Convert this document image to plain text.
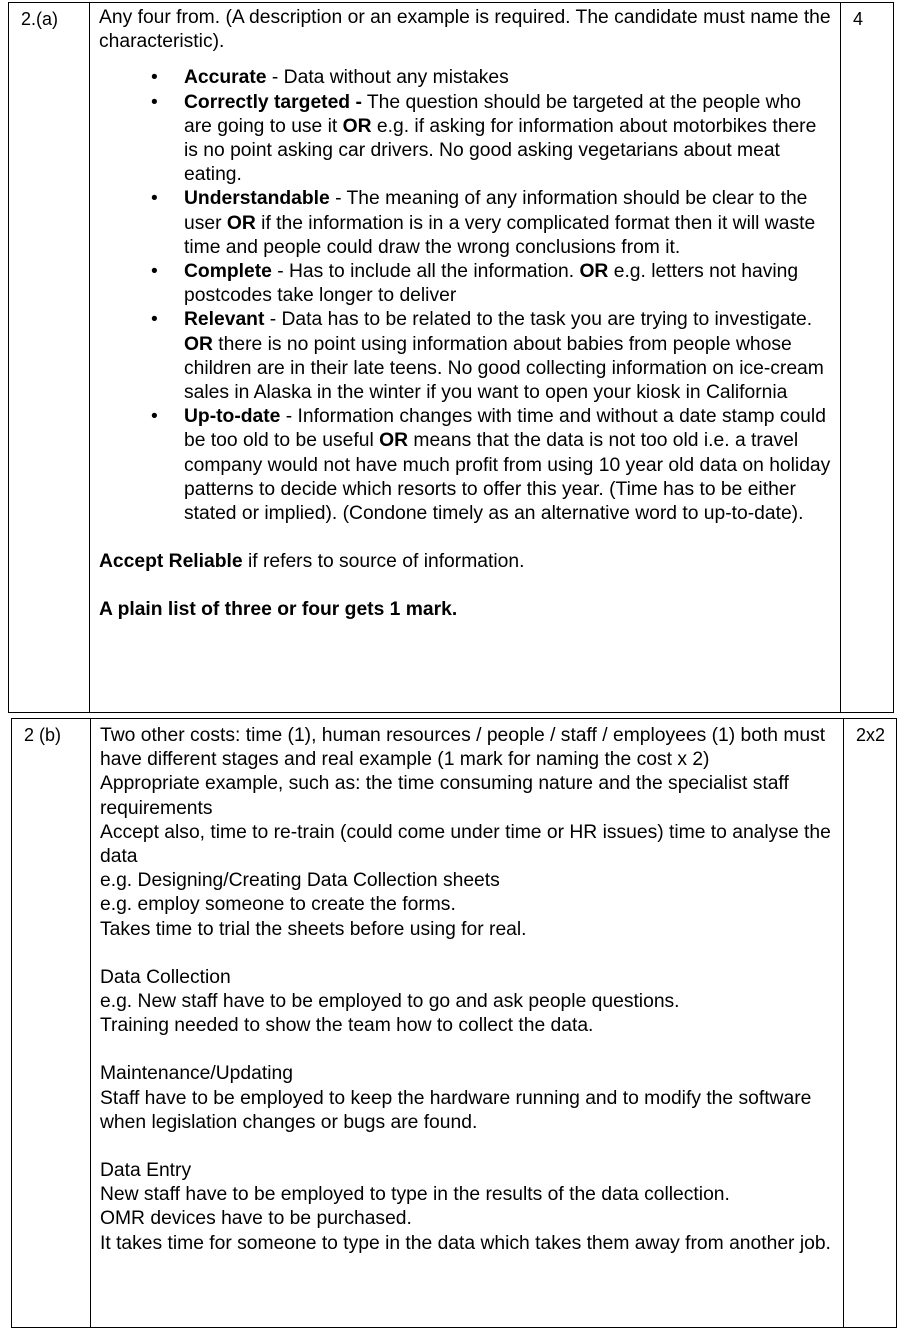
2.(a)	Any four from. (A description or an example is required. The candidate must name the characteristic).

• Accurate - Data without any mistakes
• Correctly targeted - The question should be targeted at the people who are going to use it OR e.g. if asking for information about motorbikes there is no point asking car drivers. No good asking vegetarians about meat eating.
• Understandable - The meaning of any information should be clear to the user OR if the information is in a very complicated format then it will waste time and people could draw the wrong conclusions from it.
• Complete - Has to include all the information. OR e.g. letters not having postcodes take longer to deliver
• Relevant - Data has to be related to the task you are trying to investigate. OR there is no point using information about babies from people whose children are in their late teens. No good collecting information on ice-cream sales in Alaska in the winter if you want to open your kiosk in California
• Up-to-date - Information changes with time and without a date stamp could be too old to be useful OR means that the data is not too old i.e. a travel company would not have much profit from using 10 year old data on holiday patterns to decide which resorts to offer this year. (Time has to be either stated or implied). (Condone timely as an alternative word to up-to-date).

Accept Reliable if refers to source of information.

A plain list of three or four gets 1 mark.

	4
2 (b)	Two other costs: time (1), human resources / people / staff / employees (1) both must have different stages and real example (1 mark for naming the cost x 2)

Appropriate example, such as: the time consuming nature and the specialist staff requirements

Accept also, time to re-train (could come under time or HR issues) time to analyse the data

e.g. Designing/Creating Data Collection sheets

e.g. employ someone to create the forms.

Takes time to trial the sheets before using for real.

Data Collection

e.g. New staff have to be employed to go and ask people questions.

Training needed to show the team how to collect the data.

Maintenance/Updating

Staff have to be employed to keep the hardware running and to modify the software when legislation changes or bugs are found.

Data Entry

New staff have to be employed to type in the results of the data collection.

OMR devices have to be purchased.

It takes time for someone to type in the data which takes them away from another job.

	2x2
